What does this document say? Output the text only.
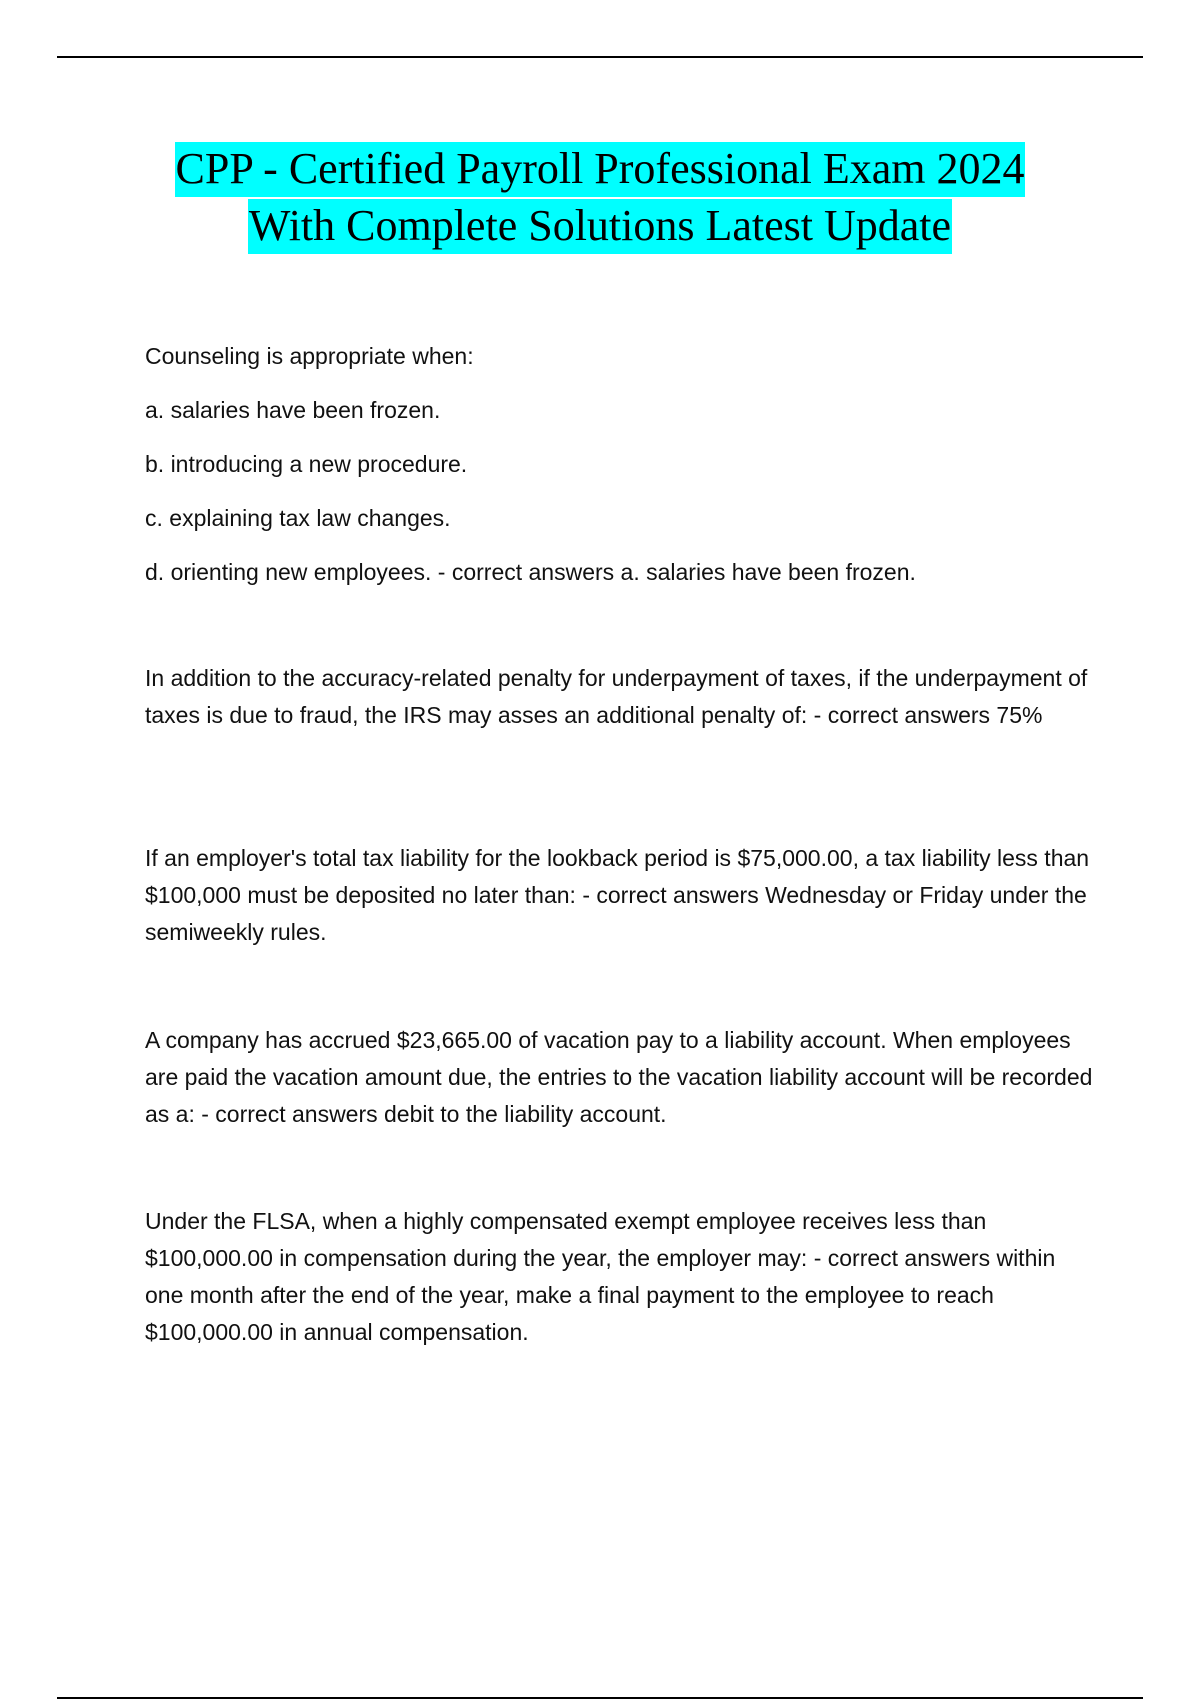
CPP - Certified Payroll Professional Exam 2024
With Complete Solutions Latest Update

Counseling is appropriate when:

a. salaries have been frozen.

b. introducing a new procedure.

c. explaining tax law changes.

d. orienting new employees. - correct answers a. salaries have been frozen.

In addition to the accuracy-related penalty for underpayment of taxes, if the underpayment of taxes is due to fraud, the IRS may asses an additional penalty of: - correct answers 75%

If an employer's total tax liability for the lookback period is $75,000.00, a tax liability less than $100,000 must be deposited no later than: - correct answers Wednesday or Friday under the semiweekly rules.

A company has accrued $23,665.00 of vacation pay to a liability account. When employees are paid the vacation amount due, the entries to the vacation liability account will be recorded as a: - correct answers debit to the liability account.

Under the FLSA, when a highly compensated exempt employee receives less than $100,000.00 in compensation during the year, the employer may: - correct answers within one month after the end of the year, make a final payment to the employee to reach $100,000.00 in annual compensation.
